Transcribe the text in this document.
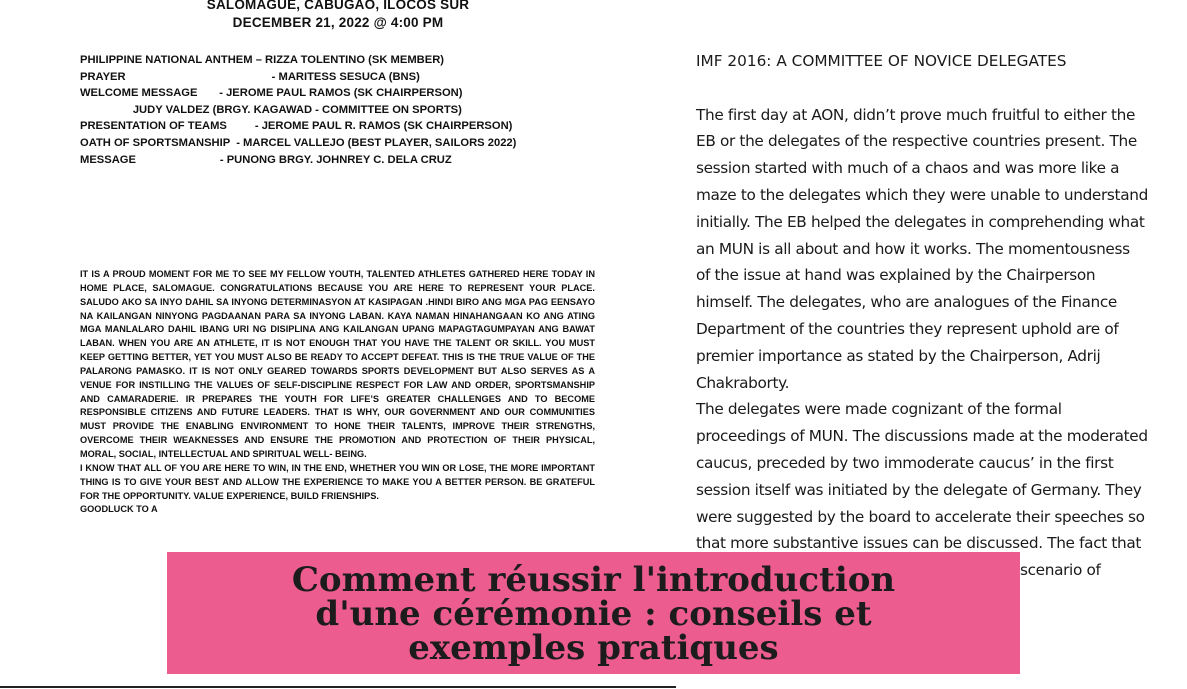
SALOMAGUE, CABUGAO, ILOCOS SUR
DECEMBER 21, 2022 @ 4:00 PM
PHILIPPINE NATIONAL ANTHEM – RIZZA TOLENTINO (SK MEMBER)
PRAYER                                               - MARITESS SESUCA (BNS)
WELCOME MESSAGE       - JEROME PAUL RAMOS (SK CHAIRPERSON)
JUDY VALDEZ (BRGY. KAGAWAD - COMMITTEE ON SPORTS)
PRESENTATION OF TEAMS         - JEROME PAUL R. RAMOS (SK CHAIRPERSON)
OATH OF SPORTSMANSHIP  - MARCEL VALLEJO (BEST PLAYER, SAILORS 2022)
MESSAGE                           - PUNONG BRGY. JOHNREY C. DELA CRUZ

IT IS A PROUD MOMENT FOR ME TO SEE MY FELLOW YOUTH, TALENTED ATHLETES GATHERED HERE TODAY IN HOME PLACE, SALOMAGUE. CONGRATULATIONS BECAUSE YOU ARE HERE TO REPRESENT YOUR PLACE. SALUDO AKO SA INYO DAHIL SA INYONG DETERMINASYON AT KASIPAGAN .HINDI BIRO ANG MGA PAG EENSAYO NA KAILANGAN NINYONG PAGDAANAN PARA SA INYONG LABAN. KAYA NAMAN HINAHANGAAN KO ANG ATING MGA MANLALARO DAHIL IBANG URI NG DISIPLINA ANG KAILANGAN UPANG MAPAGTAGUMPAYAN ANG BAWAT LABAN. WHEN YOU ARE AN ATHLETE, IT IS NOT ENOUGH THAT YOU HAVE THE TALENT OR SKILL. YOU MUST KEEP GETTING BETTER, YET YOU MUST ALSO BE READY TO ACCEPT DEFEAT. THIS IS THE TRUE VALUE OF THE PALARONG PAMASKO. IT IS NOT ONLY GEARED TOWARDS SPORTS DEVELOPMENT BUT ALSO SERVES AS A VENUE FOR INSTILLING THE VALUES OF SELF-DISCIPLINE RESPECT FOR LAW AND ORDER, SPORTSMANSHIP AND CAMARADERIE. IR PREPARES THE YOUTH FOR LIFE’S GREATER CHALLENGES AND TO BECOME RESPONSIBLE CITIZENS AND FUTURE LEADERS. THAT IS WHY, OUR GOVERNMENT AND OUR COMMUNITIES MUST PROVIDE THE ENABLING ENVIRONMENT TO HONE THEIR TALENTS, IMPROVE THEIR STRENGTHS, OVERCOME THEIR WEAKNESSES AND ENSURE THE PROMOTION AND PROTECTION OF THEIR PHYSICAL, MORAL, SOCIAL, INTELLECTUAL AND SPIRITUAL WELL- BEING.

I KNOW THAT ALL OF YOU ARE HERE TO WIN, IN THE END, WHETHER YOU WIN OR LOSE, THE MORE IMPORTANT THING IS TO GIVE YOUR BEST AND ALLOW THE EXPERIENCE TO MAKE YOU A BETTER PERSON. BE GRATEFUL FOR THE OPPORTUNITY. VALUE EXPERIENCE, BUILD FRIENSHIPS.

GOODLUCK TO A

IMF 2016: A COMMITTEE OF NOVICE DELEGATES
The first day at AON, didn’t prove much fruitful to either the
EB or the delegates of the respective countries present. The
session started with much of a chaos and was more like a
maze to the delegates which they were unable to understand
initially. The EB helped the delegates in comprehending what
an MUN is all about and how it works. The momentousness
of the issue at hand was explained by the Chairperson
himself. The delegates, who are analogues of the Finance
Department of the countries they represent uphold are of
premier importance as stated by the Chairperson, Adrij
Chakraborty.
The delegates were made cognizant of the formal
proceedings of MUN. The discussions made at the moderated
caucus, preceded by two immoderate caucus’ in the first
session itself was initiated by the delegate of Germany. They
were suggested by the board to accelerate their speeches so
that more substantive issues can be discussed. The fact that
scenario of
Comment réussir l'introduction
d'une cérémonie : conseils et
exemples pratiques
